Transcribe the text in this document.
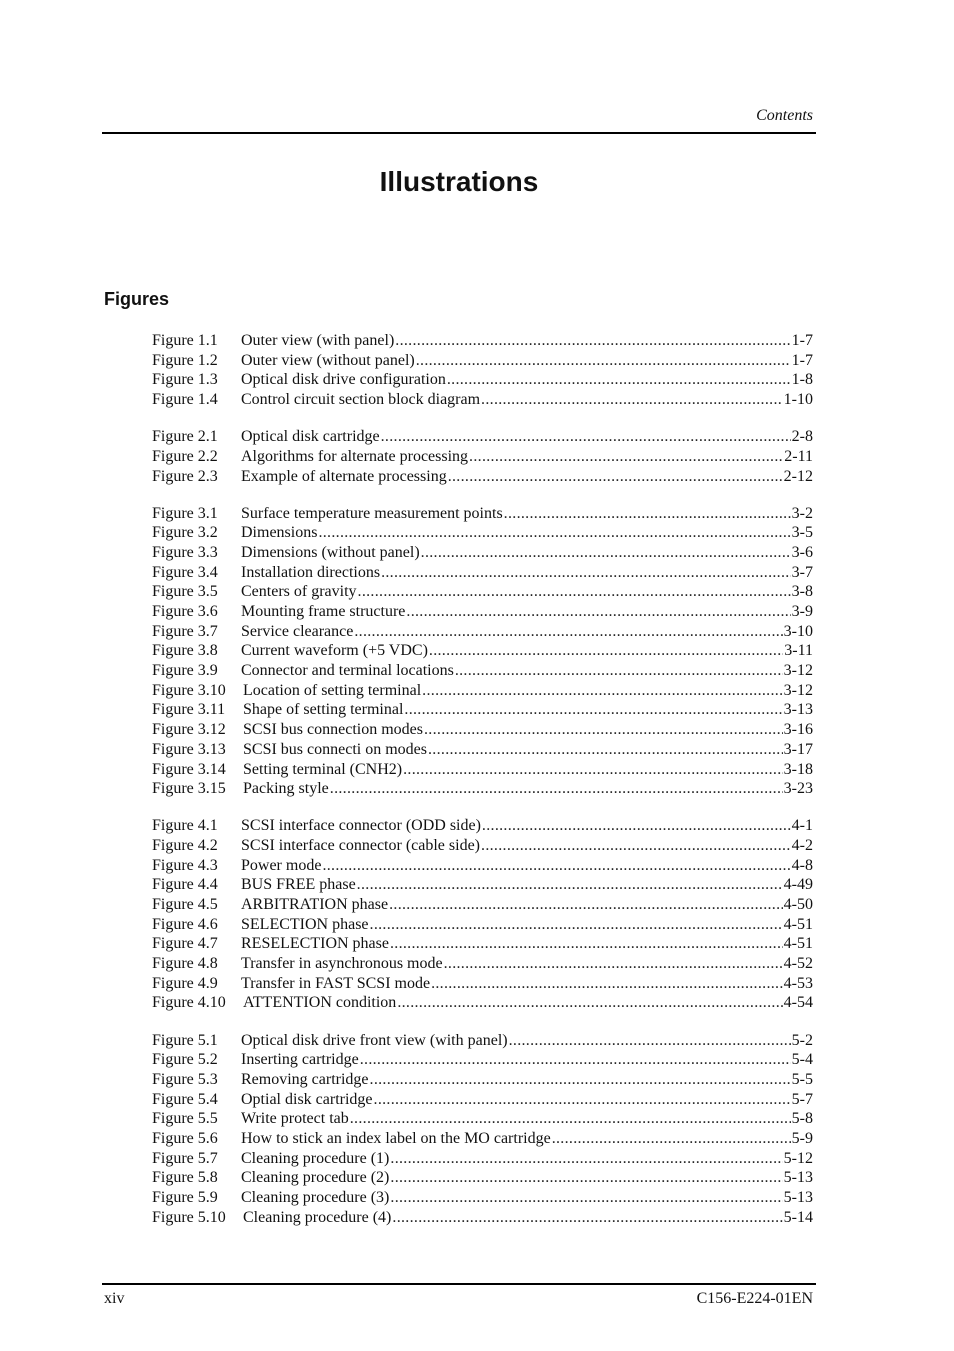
Contents
Illustrations
Figures
Figure 1.1	Outer view (with panel) .....	1-7
Figure 1.2	Outer view (without panel) .....	1-7
Figure 1.3	Optical disk drive configuration .....	1-8
Figure 1.4	Control circuit section block diagram .....	1-10
Figure 2.1	Optical disk cartridge .....	2-8
Figure 2.2	Algorithms for alternate processing .....	2-11
Figure 2.3	Example of alternate processing .....	2-12
Figure 3.1	Surface temperature measurement points .....	3-2
Figure 3.2	Dimensions .....	3-5
Figure 3.3	Dimensions (without panel) .....	3-6
Figure 3.4	Installation directions .....	3-7
Figure 3.5	Centers of gravity .....	3-8
Figure 3.6	Mounting frame structure .....	3-9
Figure 3.7	Service clearance .....	3-10
Figure 3.8	Current waveform (+5 VDC) .....	3-11
Figure 3.9	Connector and terminal locations .....	3-12
Figure 3.10	Location of setting terminal .....	3-12
Figure 3.11	Shape of setting terminal .....	3-13
Figure 3.12	SCSI bus connection modes .....	3-16
Figure 3.13	SCSI bus connecti on modes .....	3-17
Figure 3.14	Setting terminal (CNH2) .....	3-18
Figure 3.15	Packing style .....	3-23
Figure 4.1	SCSI interface connector (ODD side) .....	4-1
Figure 4.2	SCSI interface connector (cable side) .....	4-2
Figure 4.3	Power mode .....	4-8
Figure 4.4	BUS FREE phase .....	4-49
Figure 4.5	ARBITRATION phase .....	4-50
Figure 4.6	SELECTION phase .....	4-51
Figure 4.7	RESELECTION phase .....	4-51
Figure 4.8	Transfer in asynchronous mode .....	4-52
Figure 4.9	Transfer in FAST SCSI mode .....	4-53
Figure 4.10	ATTENTION condition .....	4-54
Figure 5.1	Optical disk drive front view (with panel) .....	5-2
Figure 5.2	Inserting cartridge .....	5-4
Figure 5.3	Removing cartridge .....	5-5
Figure 5.4	Optial disk cartridge .....	5-7
Figure 5.5	Write protect tab .....	5-8
Figure 5.6	How to stick an index label on the MO cartridge .....	5-9
Figure 5.7	Cleaning procedure (1) .....	5-12
Figure 5.8	Cleaning procedure (2) .....	5-13
Figure 5.9	Cleaning procedure (3) .....	5-13
Figure 5.10	Cleaning procedure (4) .....	5-14
xiv	C156-E224-01EN
